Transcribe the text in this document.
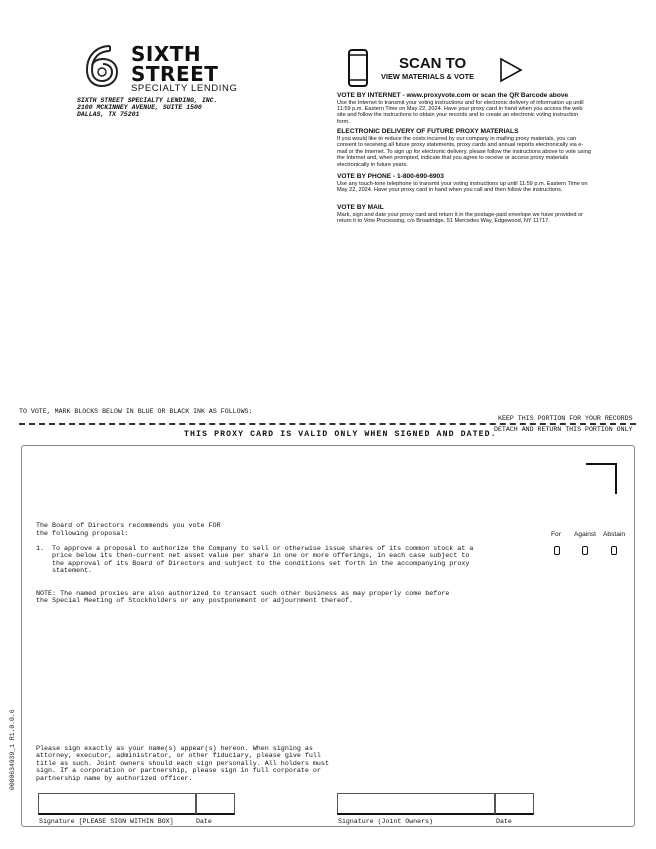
SIXTH
STREET
SPECIALTY LENDING
SIXTH STREET SPECIALTY LENDING, INC.
2100 MCKINNEY AVENUE, SUITE 1500
DALLAS, TX 75201
SCAN TO
VIEW MATERIALS & VOTE
VOTE BY INTERNET - www.proxyvote.com or scan the QR Barcode above
Use the Internet to transmit your voting instructions and for electronic delivery of information up until 11:59 p.m. Eastern Time on May 22, 2024. Have your proxy card in hand when you access the web site and follow the instructions to obtain your records and to create an electronic voting instruction form.
ELECTRONIC DELIVERY OF FUTURE PROXY MATERIALS
If you would like to reduce the costs incurred by our company in mailing proxy materials, you can consent to receiving all future proxy statements, proxy cards and annual reports electronically via e-mail or the Internet. To sign up for electronic delivery, please follow the instructions above to vote using the Internet and, when prompted, indicate that you agree to receive or access proxy materials electronically in future years.
VOTE BY PHONE - 1-800-690-6903
Use any touch-tone telephone to transmit your voting instructions up until 11:59 p.m. Eastern Time on May 22, 2024. Have your proxy card in hand when you call and then follow the instructions.
VOTE BY MAIL
Mark, sign and date your proxy card and return it in the postage-paid envelope we have provided or return it to Vote Processing, c/o Broadridge, 51 Mercedes Way, Edgewood, NY 11717.
TO VOTE, MARK BLOCKS BELOW IN BLUE OR BLACK INK AS FOLLOWS:
KEEP THIS PORTION FOR YOUR RECORDS
DETACH AND RETURN THIS PORTION ONLY
THIS PROXY CARD IS VALID ONLY WHEN SIGNED AND DATED.
The Board of Directors recommends you vote FOR
the following proposal:
1. To approve a proposal to authorize the Company to sell or otherwise issue shares of its common stock at a price below its then-current net asset value per share in one or more offerings, in each case subject to the approval of its Board of Directors and subject to the conditions set forth in the accompanying proxy statement.
For Against Abstain
NOTE: The named proxies are also authorized to transact such other business as may properly come before the Special Meeting of Stockholders or any postponement or adjournment thereof.
0000634939_1 R1.0.0.6	Please sign exactly as your name(s) appear(s) hereon. When signing as attorney, executor, administrator, or other fiduciary, please give full title as such. Joint owners should each sign personally. All holders must sign. If a corporation or partnership, please sign in full corporate or partnership name by authorized officer.
Signature [PLEASE SIGN WITHIN BOX]	Date	Signature (Joint Owners)	Date
